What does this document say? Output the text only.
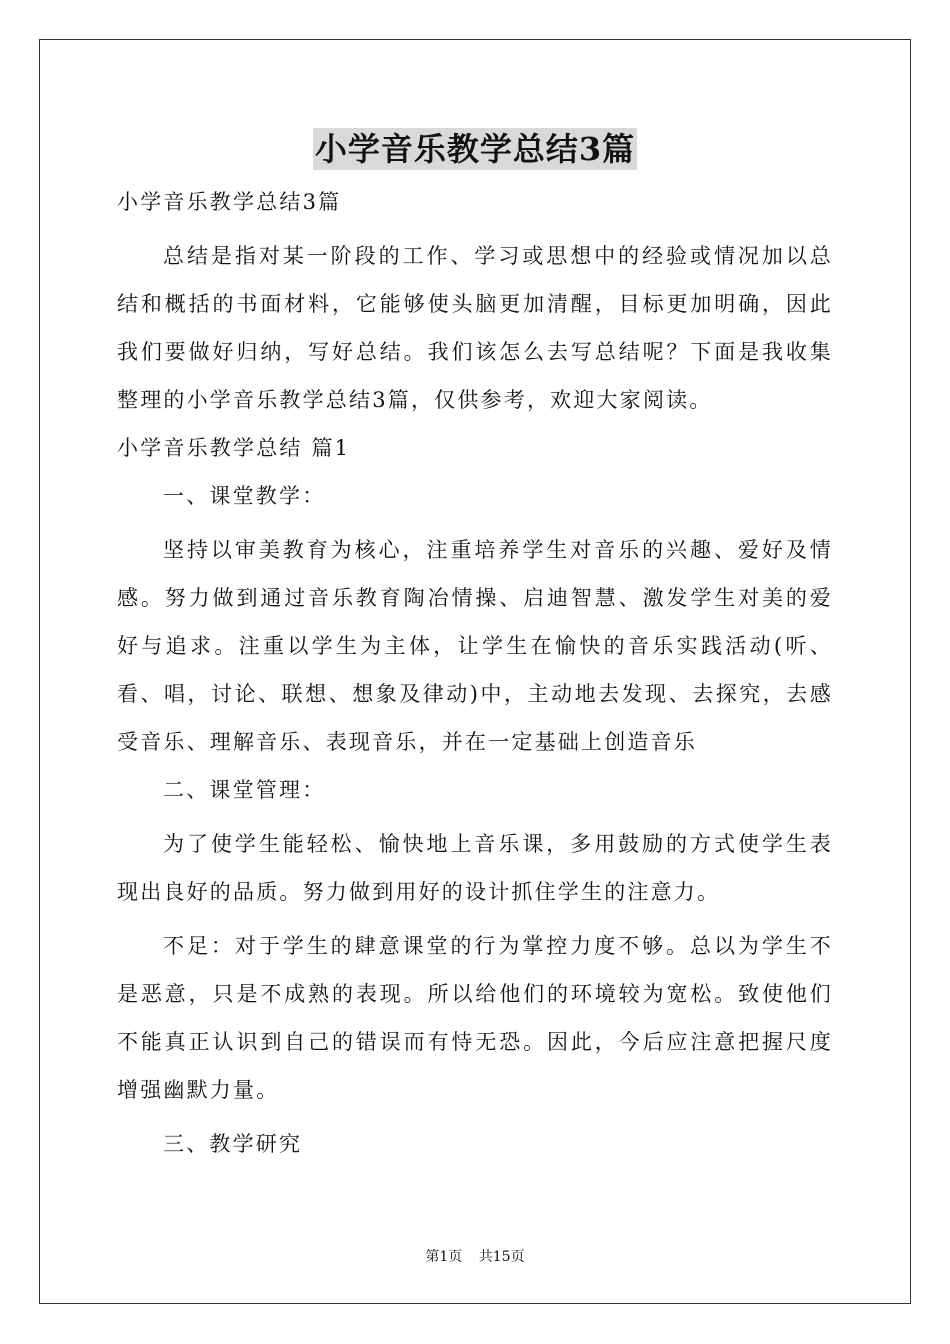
小学音乐教学总结3篇

小学音乐教学总结3篇

总结是指对某一阶段的工作、学习或思想中的经验或情况加以总结和概括的书面材料，它能够使头脑更加清醒，目标更加明确，因此我们要做好归纳，写好总结。我们该怎么去写总结呢？下面是我收集整理的小学音乐教学总结3篇，仅供参考，欢迎大家阅读。

小学音乐教学总结 篇1

一、课堂教学：

坚持以审美教育为核心，注重培养学生对音乐的兴趣、爱好及情感。努力做到通过音乐教育陶冶情操、启迪智慧、激发学生对美的爱好与追求。注重以学生为主体，让学生在愉快的音乐实践活动(听、看、唱，讨论、联想、想象及律动)中，主动地去发现、去探究，去感受音乐、理解音乐、表现音乐，并在一定基础上创造音乐

二、课堂管理：

为了使学生能轻松、愉快地上音乐课，多用鼓励的方式使学生表现出良好的品质。努力做到用好的设计抓住学生的注意力。

不足：对于学生的肆意课堂的行为掌控力度不够。总以为学生不是恶意，只是不成熟的表现。所以给他们的环境较为宽松。致使他们不能真正认识到自己的错误而有恃无恐。因此，今后应注意把握尺度增强幽默力量。

三、教学研究

第1页 共15页
